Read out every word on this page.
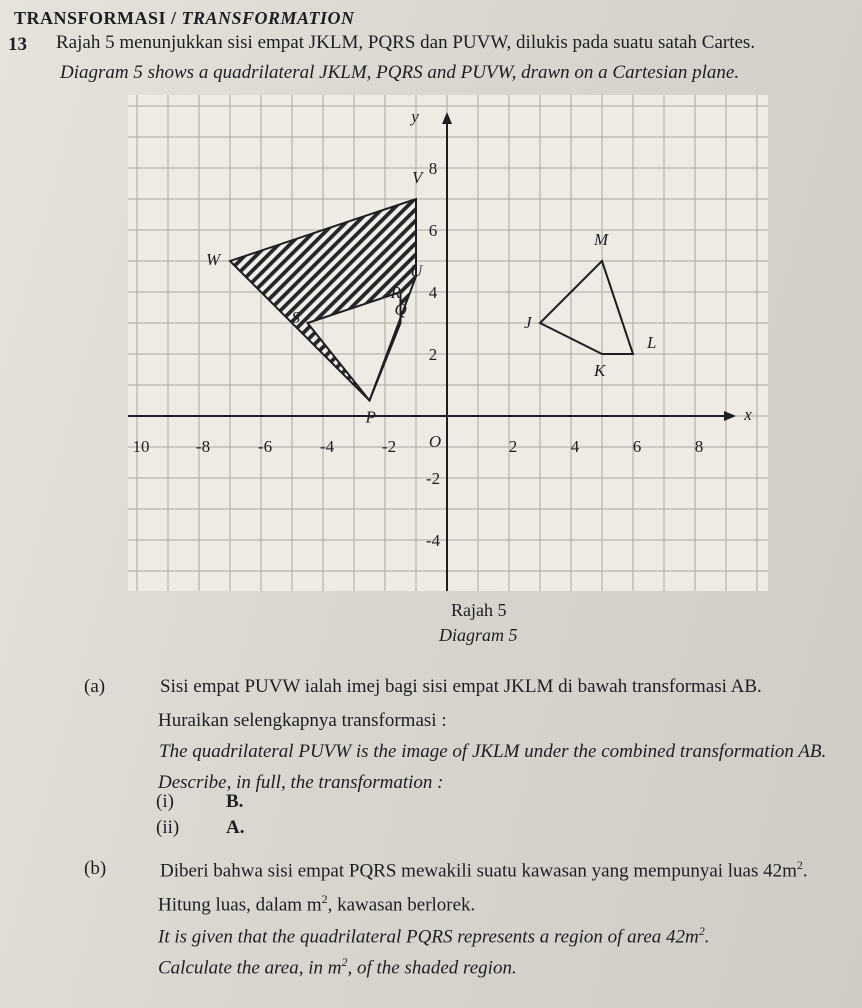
TRANSFORMASI / TRANSFORMATION

13 Rajah 5 menunjukkan sisi empat JKLM, PQRS dan PUVW, dilukis pada suatu satah Cartes.

Diagram 5 shows a quadrilateral JKLM, PQRS and PUVW, drawn on a Cartesian plane.

J
K
L
M
P
U
V
W
Q
R
S
x
y
O
10	-8	-6	-4	-2	2	4	6	8
8
6
4
2
-2
-4

Rajah 5

Diagram 5

(a)	Sisi empat PUVW ialah imej bagi sisi empat JKLM di bawah transformasi AB.

Huraikan selengkapnya transformasi :

The quadrilateral PUVW is the image of JKLM under the combined transformation AB.

Describe, in full, the transformation :

(i)	B.

(ii) A.

(b)	Diberi bahwa sisi empat PQRS mewakili suatu kawasan yang mempunyai luas $42m^2$.

Hitung luas, dalam $m^2$, kawasan berlorek.

It is given that the quadrilateral PQRS represents a region of area $42m^2$.

Calculate the area, in $m^2$, of the shaded region.
